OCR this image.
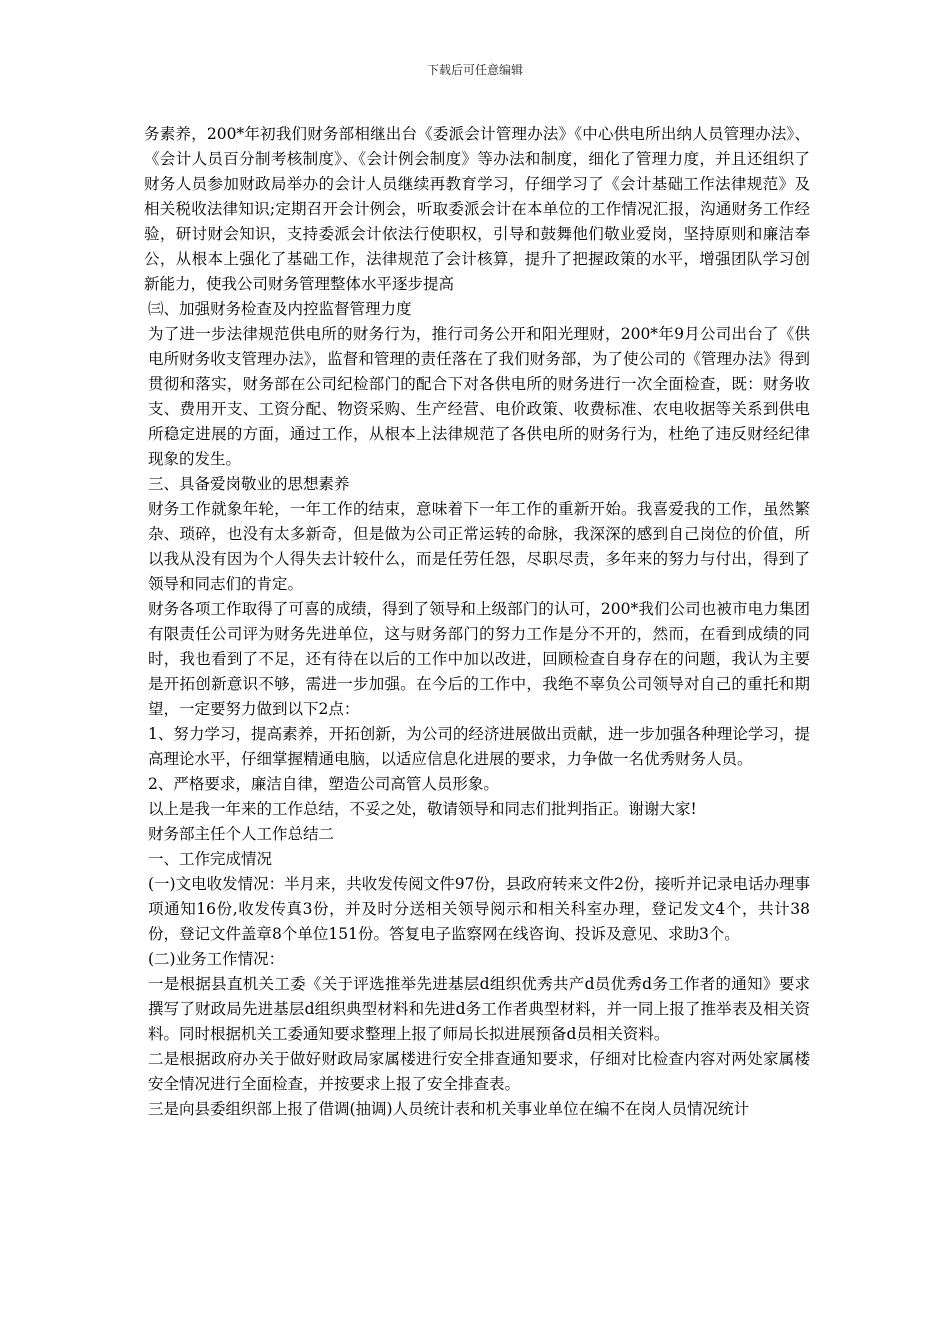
下载后可任意编辑

务素养，200*年初我们财务部相继出台《委派会计管理办法》《中心供电所出纳人员管理办法》、《会计人员百分制考核制度》、《会计例会制度》等办法和制度，细化了管理力度，并且还组织了财务人员参加财政局举办的会计人员继续再教育学习，仔细学习了《会计基础工作法律规范》及相关税收法律知识;定期召开会计例会，听取委派会计在本单位的工作情况汇报，沟通财务工作经验，研讨财会知识，支持委派会计依法行使职权，引导和鼓舞他们敬业爱岗，坚持原则和廉洁奉公，从根本上强化了基础工作，法律规范了会计核算，提升了把握政策的水平，增强团队学习创新能力，使我公司财务管理整体水平逐步提高

㈢、加强财务检查及内控监督管理力度

为了进一步法律规范供电所的财务行为，推行司务公开和阳光理财，200*年9月公司出台了《供电所财务收支管理办法》，监督和管理的责任落在了我们财务部，为了使公司的《管理办法》得到贯彻和落实，财务部在公司纪检部门的配合下对各供电所的财务进行一次全面检查，既：财务收支、费用开支、工资分配、物资采购、生产经营、电价政策、收费标准、农电收据等关系到供电所稳定进展的方面，通过工作，从根本上法律规范了各供电所的财务行为，杜绝了违反财经纪律现象的发生。

三、具备爱岗敬业的思想素养

财务工作就象年轮，一年工作的结束，意味着下一年工作的重新开始。我喜爱我的工作，虽然繁杂、琐碎，也没有太多新奇，但是做为公司正常运转的命脉，我深深的感到自己岗位的价值，所以我从没有因为个人得失去计较什么，而是任劳任怨，尽职尽责，多年来的努力与付出，得到了领导和同志们的肯定。

财务各项工作取得了可喜的成绩，得到了领导和上级部门的认可，200*我们公司也被市电力集团有限责任公司评为财务先进单位，这与财务部门的努力工作是分不开的，然而，在看到成绩的同时，我也看到了不足，还有待在以后的工作中加以改进，回顾检查自身存在的问题，我认为主要是开拓创新意识不够，需进一步加强。在今后的工作中，我绝不辜负公司领导对自己的重托和期望，一定要努力做到以下2点：

1、努力学习，提高素养，开拓创新，为公司的经济进展做出贡献，进一步加强各种理论学习，提高理论水平，仔细掌握精通电脑，以适应信息化进展的要求，力争做一名优秀财务人员。

2、严格要求，廉洁自律，塑造公司高管人员形象。

以上是我一年来的工作总结，不妥之处，敬请领导和同志们批判指正。谢谢大家!

财务部主任个人工作总结二

一、工作完成情况

(一)文电收发情况：半月来，共收发传阅文件97份，县政府转来文件2份，接听并记录电话办理事项通知16份,收发传真3份，并及时分送相关领导阅示和相关科室办理，登记发文4个，共计38份，登记文件盖章8个单位151份。答复电子监察网在线咨询、投诉及意见、求助3个。

(二)业务工作情况：

一是根据县直机关工委《关于评选推举先进基层d组织优秀共产d员优秀d务工作者的通知》要求撰写了财政局先进基层d组织典型材料和先进d务工作者典型材料，并一同上报了推举表及相关资料。同时根据机关工委通知要求整理上报了师局长拟进展预备d员相关资料。

二是根据政府办关于做好财政局家属楼进行安全排查通知要求，仔细对比检查内容对两处家属楼安全情况进行全面检查，并按要求上报了安全排查表。

三是向县委组织部上报了借调(抽调)人员统计表和机关事业单位在编不在岗人员情况统计
